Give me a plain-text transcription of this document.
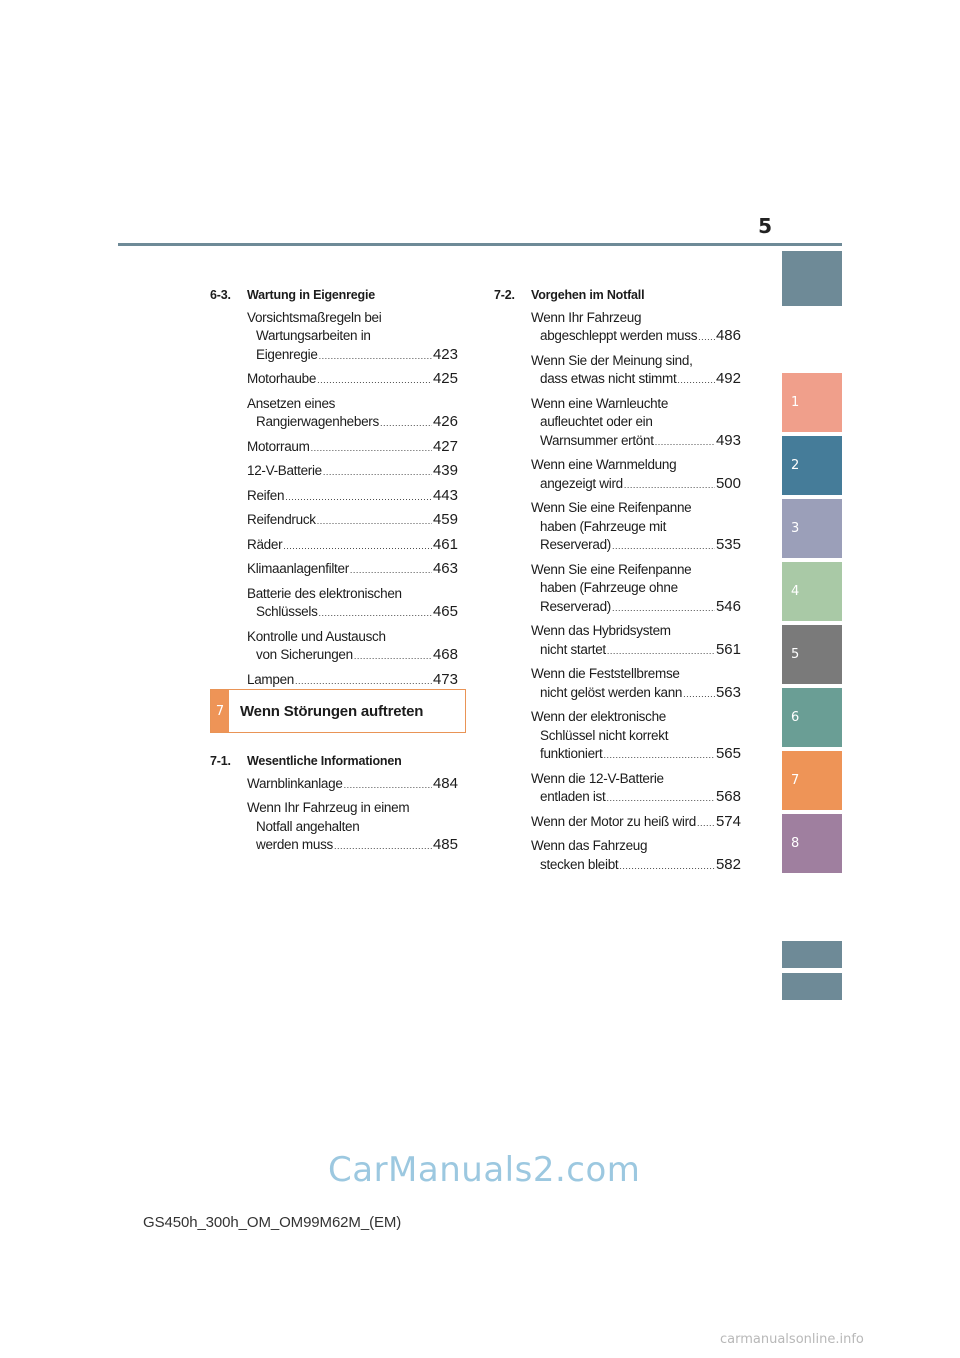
5
1
2
3
4
5
6
7
8
6-3. Wartung in Eigenregie
Vorsichtsmaßregeln bei
Wartungsarbeiten in
Eigenregie .....	423
Motorhaube .....	425
Ansetzen eines
Rangierwagenhebers .....	426
Motorraum .....	427
12-V-Batterie .....	439
Reifen .....	443
Reifendruck .....	459
Räder .....	461
Klimaanlagenfilter .....	463
Batterie des elektronischen
Schlüssels .....	465
Kontrolle und Austausch
von Sicherungen .....	468
Lampen .....	473
7	Wenn Störungen auftreten
7-1. Wesentliche Informationen
Warnblinkanlage .....	484
Wenn Ihr Fahrzeug in einem
Notfall angehalten
werden muss .....	485
7-2. Vorgehen im Notfall
Wenn Ihr Fahrzeug
abgeschleppt werden muss ..... 486
Wenn Sie der Meinung sind,
dass etwas nicht stimmt .....	492
Wenn eine Warnleuchte
aufleuchtet oder ein
Warnsummer ertönt .....	493
Wenn eine Warnmeldung
angezeigt wird .....	500
Wenn Sie eine Reifenpanne
haben (Fahrzeuge mit
Reserverad) .....	535
Wenn Sie eine Reifenpanne
haben (Fahrzeuge ohne
Reserverad) .....	546
Wenn das Hybridsystem
nicht startet .....	561
Wenn die Feststellbremse
nicht gelöst werden kann ..... 563
Wenn der elektronische
Schlüssel nicht korrekt
funktioniert .....	565
Wenn die 12-V-Batterie
entladen ist .....	568
Wenn der Motor zu heiß wird ..... 574
Wenn das Fahrzeug
stecken bleibt .....	582
CarManuals2.com
GS450h_300h_OM_OM99M62M_(EM)
carmanualsonline.info
